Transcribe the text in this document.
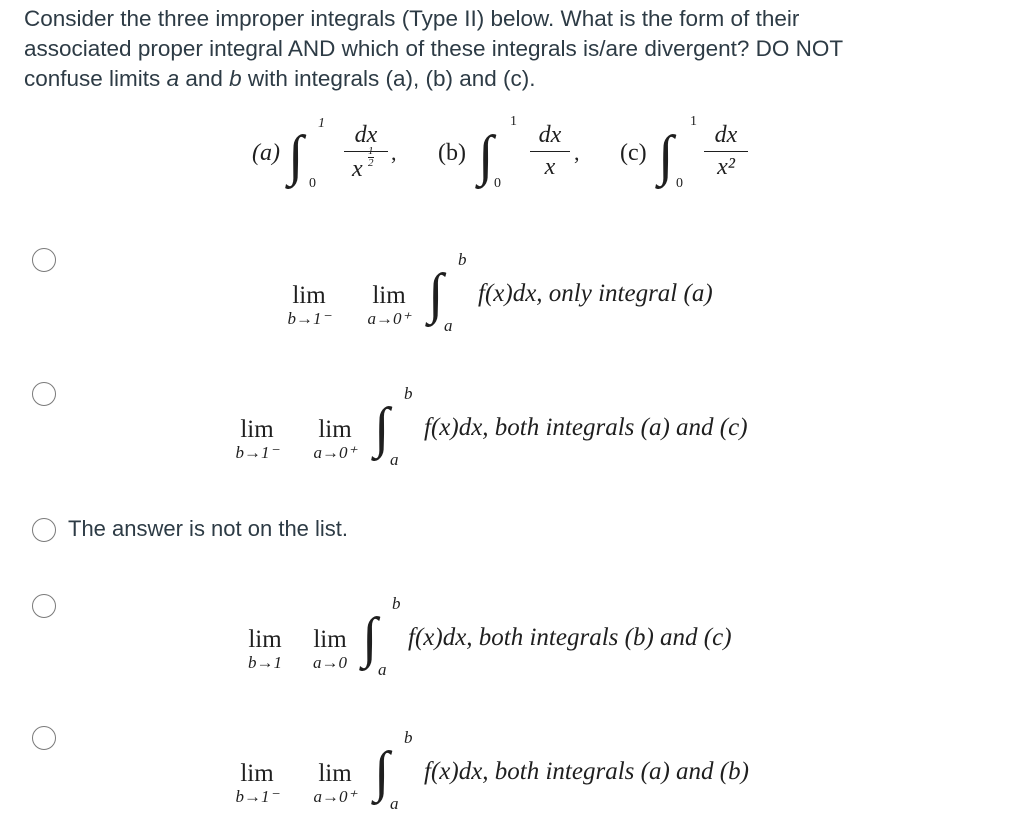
Consider the three improper integrals (Type II) below. What is the form of their
associated proper integral AND which of these integrals is/are divergent? DO NOT
confuse limits a and b with integrals (a), (b) and (c).
(a) ∫
1
0
dx
x $\frac{1}{2}$ , (b) ∫
1
0
dx
x
, (c) ∫
1
0
dx
x²
lim
b→1⁻
lim
a→0⁺ ∫
b
a
f(x)dx, only integral (a)
lim
b→1⁻
lim
a→0⁺ ∫
b
a
f(x)dx, both integrals (a) and (c)
The answer is not on the list.
lim
b→1
lim
a→0 ∫
b
a
f(x)dx, both integrals (b) and (c)
lim
b→1⁻
lim
a→0⁺ ∫
b
a
f(x)dx, both integrals (a) and (b)
